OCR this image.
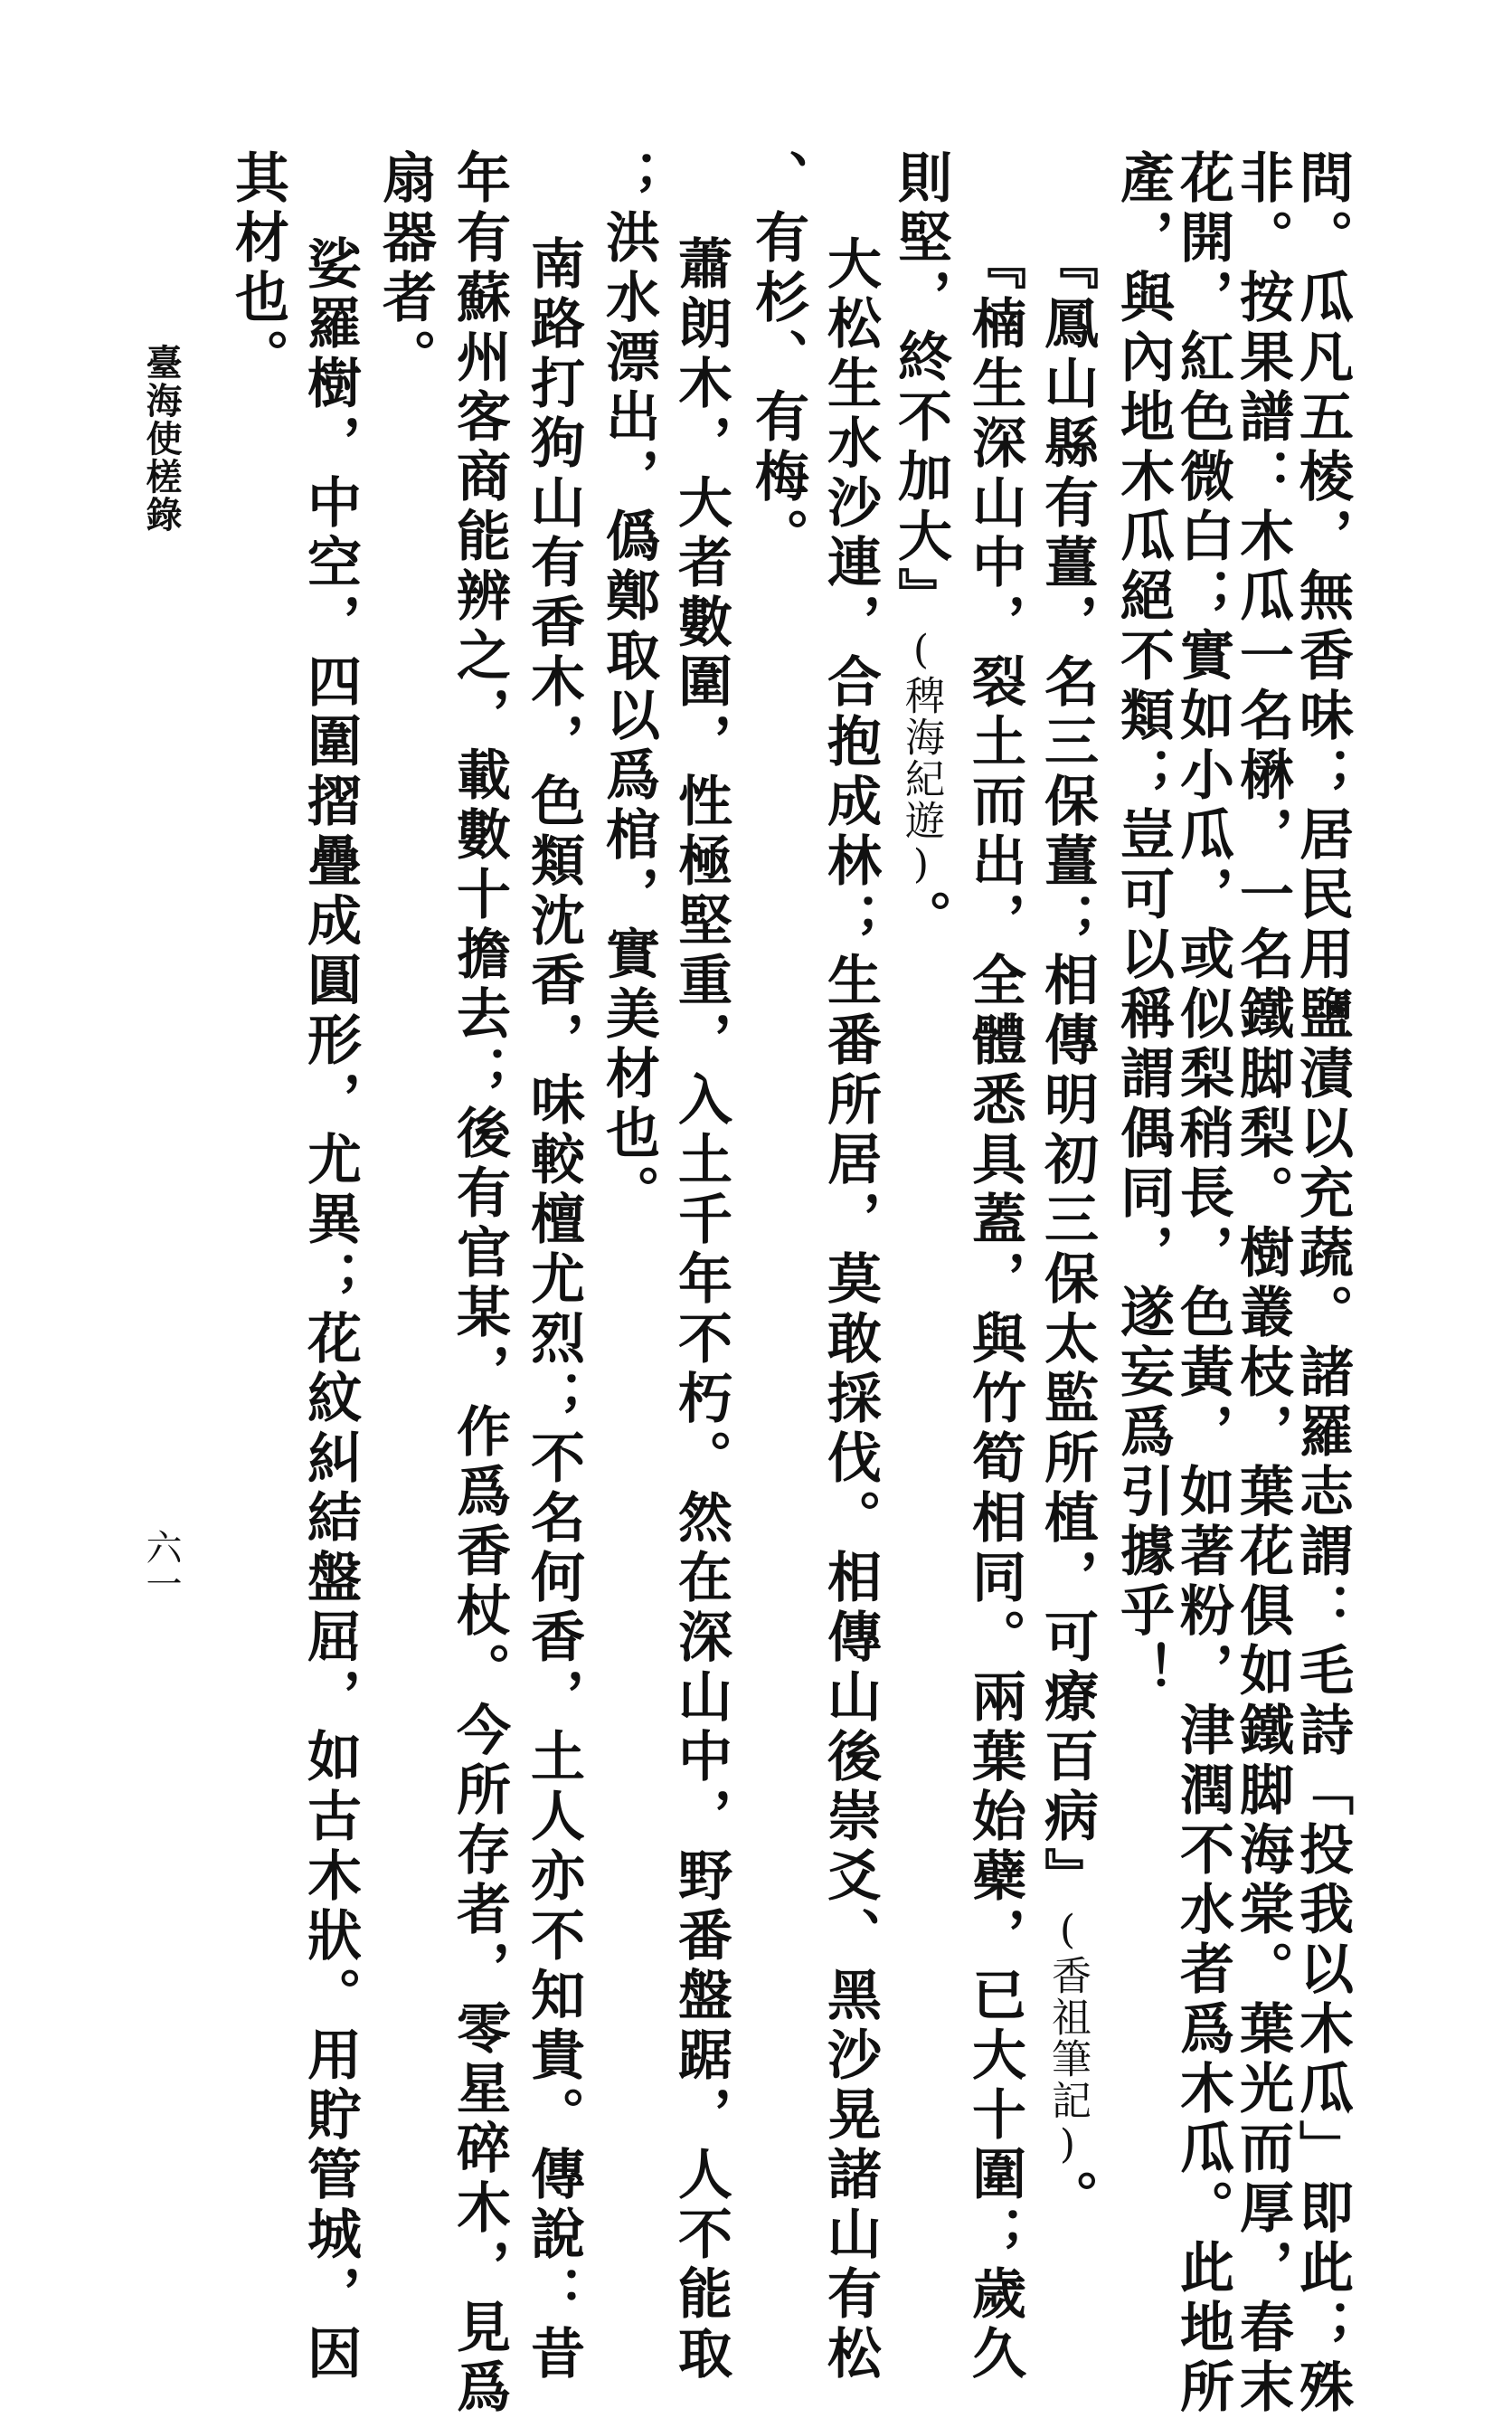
問。瓜凡五棱，無香味；居民用鹽漬以充蔬。諸羅志謂：毛詩「投我以木瓜」即此；殊

非。按果譜：木瓜一名楙，一名鐵脚梨。樹叢枝，葉花俱如鐵脚海棠。葉光而厚，春末

花開，紅色微白；實如小瓜，或似梨稍長，色黃，如著粉，津潤不水者爲木瓜。此地所

產，與內地木瓜絕不類；豈可以稱謂偶同，遂妄爲引據乎！

『鳳山縣有薑，名三保薑；相傳明初三保太監所植，可療百病』(香祖筆記)。

『楠生深山中，裂土而出，全體悉具蓋，與竹筍相同。兩葉始蘗，已大十圍；歲久

則堅，終不加大』(稗海紀遊)。

大松生水沙連，合抱成林；生番所居，莫敢採伐。相傳山後崇爻、黑沙晃諸山有松

、有杉、有梅。

蕭朗木，大者數圍，性極堅重，入土千年不朽。然在深山中，野番盤踞，人不能取

；洪水漂出，僞鄭取以爲棺，實美材也。

南路打狗山有香木，色類沈香，味較檀尤烈；不名何香，土人亦不知貴。傳說：昔

年有蘇州客商能辨之，載數十擔去；後有官某，作爲香杖。今所存者，零星碎木，見爲

扇器者。

娑羅樹，中空，四圍摺疊成圓形，尤異；花紋糾結盤屈，如古木狀。用貯管城，因

其材也。

臺海使槎錄
六一
